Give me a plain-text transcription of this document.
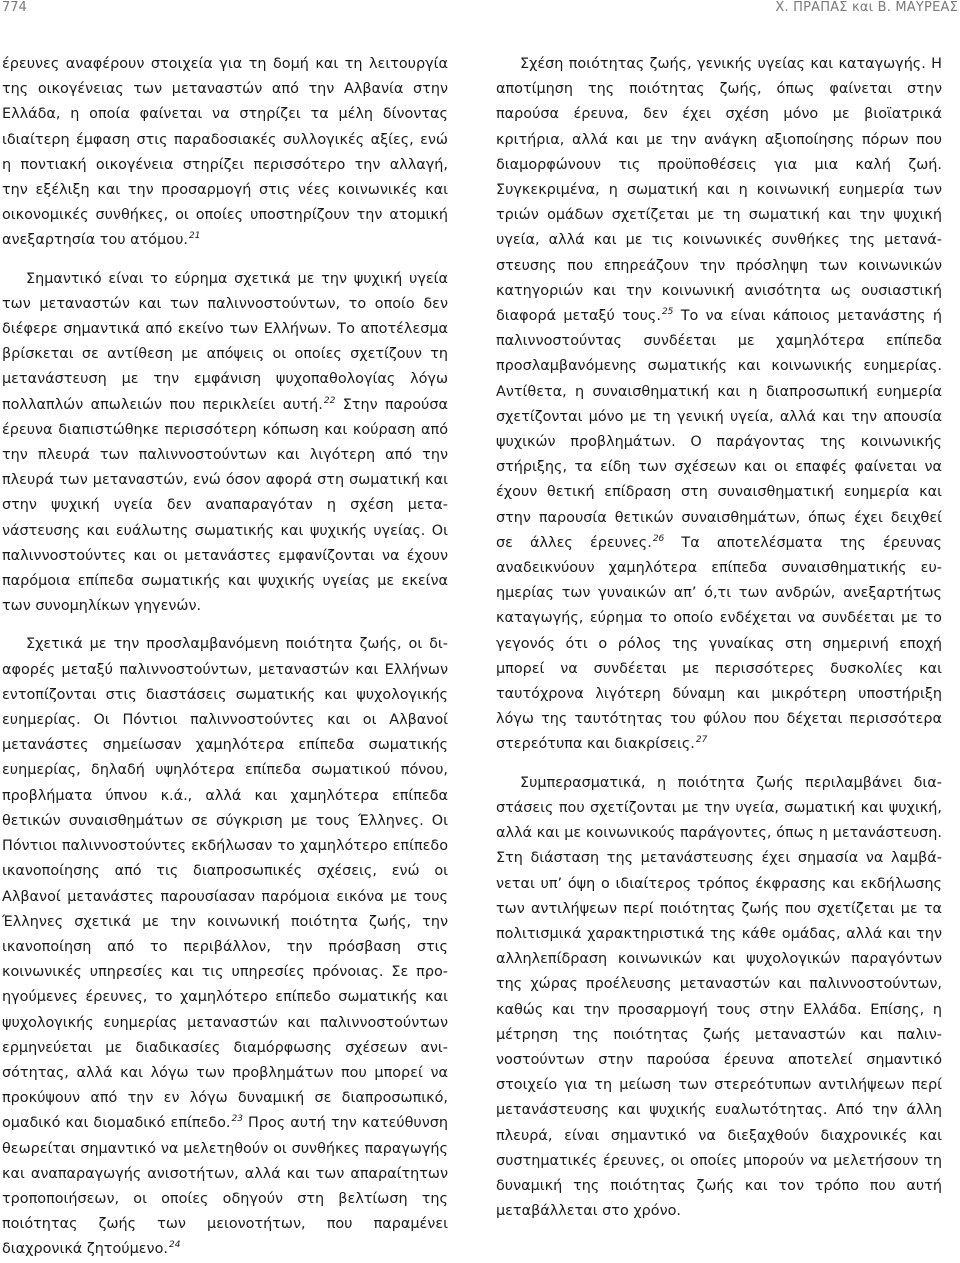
774	Χ. ΠΡΑΠΑΣ και Β. ΜΑΥΡΕΑΣ

έρευνες αναφέρουν στοιχεία για τη δομή και τη λειτουργία της οικογένειας των μεταναστών από την Αλβανία στην Ελλάδα, η οποία φαίνεται να στηρίζει τα μέλη δίνοντας ιδιαίτερη έμφαση στις παραδοσιακές συλλογικές αξίες, ενώ η ποντιακή οικογένεια στηρίζει περισσότερο την αλλαγή, την εξέλιξη και την προσαρμογή στις νέες κοινωνικές και οικονομικές συνθήκες, οι οποίες υποστηρίζουν την ατομική ανεξαρτησία του ατόμου.$^{21}$

Σημαντικό είναι το εύρημα σχετικά με την ψυχική υγεία των μεταναστών και των παλιννοστούντων, το οποίο δεν διέφερε σημαντικά από εκείνο των Ελλήνων. Το αποτέλεσμα βρίσκεται σε αντίθεση με απόψεις οι οποίες σχετίζουν τη μετανάστευση με την εμφάνιση ψυχοπαθολογίας λόγω πολλαπλών απωλειών που περικλείει αυτή.$^{22}$ Στην παρούσα έρευνα διαπιστώθηκε περισσότερη κόπωση και κούραση από την πλευρά των παλιννοστούντων και λιγότερη από την πλευρά των μεταναστών, ενώ όσον αφορά στη σωματική και στην ψυχική υγεία δεν αναπαραγόταν η σχέση μετανάστευσης και ευάλωτης σωματικής και ψυχικής υγείας. Οι παλιννοστούντες και οι μετανάστες εμφανίζονται να έχουν παρόμοια επίπεδα σωματικής και ψυχικής υγείας με εκείνα των συνομηλίκων γηγενών.

Σχετικά με την προσλαμβανόμενη ποιότητα ζωής, οι διαφορές μεταξύ παλιννοστούντων, μεταναστών και Ελλήνων εντοπίζονται στις διαστάσεις σωματικής και ψυχολογικής ευημερίας. Οι Πόντιοι παλιννοστούντες και οι Αλβανοί μετανάστες σημείωσαν χαμηλότερα επίπεδα σωματικής ευημερίας, δηλαδή υψηλότερα επίπεδα σωματικού πόνου, προβλήματα ύπνου κ.ά., αλλά και χαμηλότερα επίπεδα θετικών συναισθημάτων σε σύγκριση με τους Έλληνες. Οι Πόντιοι παλιννοστούντες εκδήλωσαν το χαμηλότερο επίπεδο ικανοποίησης από τις διαπροσωπικές σχέσεις, ενώ οι Αλβανοί μετανάστες παρουσίασαν παρόμοια εικόνα με τους Έλληνες σχετικά με την κοινωνική ποιότητα ζωής, την ικανοποίηση από το περιβάλλον, την πρόσβαση στις κοινωνικές υπηρεσίες και τις υπηρεσίες πρόνοιας. Σε προηγούμενες έρευνες, το χαμηλότερο επίπεδο σωματικής και ψυχολογικής ευημερίας μεταναστών και παλιννοστούντων ερμηνεύεται με διαδικασίες διαμόρφωσης σχέσεων ανισότητας, αλλά και λόγω των προβλημάτων που μπορεί να προκύψουν από την εν λόγω δυναμική σε διαπροσωπικό, ομαδικό και διομαδικό επίπεδο.$^{23}$ Προς αυτή την κατεύθυνση θεωρείται σημαντικό να μελετηθούν οι συνθήκες παραγωγής και αναπαραγωγής ανισοτήτων, αλλά και των απαραίτητων τροποποιήσεων, οι οποίες οδηγούν στη βελτίωση της ποιότητας ζωής των μειονοτήτων, που παραμένει διαχρονικά ζητούμενο.$^{24}$

Σχέση ποιότητας ζωής, γενικής υγείας και καταγωγής. Η αποτίμηση της ποιότητας ζωής, όπως φαίνεται στην παρούσα έρευνα, δεν έχει σχέση μόνο με βιοϊατρικά κριτήρια, αλλά και με την ανάγκη αξιοποίησης πόρων που διαμορφώνουν τις προϋποθέσεις για μια καλή ζωή. Συγκεκριμένα, η σωματική και η κοινωνική ευημερία των τριών ομάδων σχετίζεται με τη σωματική και την ψυχική υγεία, αλλά και με τις κοινωνικές συνθήκες της μετανάστευσης που επηρεάζουν την πρόσληψη των κοινωνικών κατηγοριών και την κοινωνική ανισότητα ως ουσιαστική διαφορά μεταξύ τους.$^{25}$ Το να είναι κάποιος μετανάστης ή παλιννοστούντας συνδέεται με χαμηλότερα επίπεδα προσλαμβανόμενης σωματικής και κοινωνικής ευημερίας. Αντίθετα, η συναισθηματική και η διαπροσωπική ευημερία σχετίζονται μόνο με τη γενική υγεία, αλλά και την απουσία ψυχικών προβλημάτων. Ο παράγοντας της κοινωνικής στήριξης, τα είδη των σχέσεων και οι επαφές φαίνεται να έχουν θετική επίδραση στη συναισθηματική ευημερία και στην παρουσία θετικών συναισθημάτων, όπως έχει δειχθεί σε άλλες έρευνες.$^{26}$ Τα αποτελέσματα της έρευνας αναδεικνύουν χαμηλότερα επίπεδα συναισθηματικής ευημερίας των γυναικών απ’ ό,τι των ανδρών, ανεξαρτήτως καταγωγής, εύρημα το οποίο ενδέχεται να συνδέεται με το γεγονός ότι ο ρόλος της γυναίκας στη σημερινή εποχή μπορεί να συνδέεται με περισσότερες δυσκολίες και ταυτόχρονα λιγότερη δύναμη και μικρότερη υποστήριξη λόγω της ταυτότητας του φύλου που δέχεται περισσότερα στερεότυπα και διακρίσεις.$^{27}$

Συμπερασματικά, η ποιότητα ζωής περιλαμβάνει διαστάσεις που σχετίζονται με την υγεία, σωματική και ψυχική, αλλά και με κοινωνικούς παράγοντες, όπως η μετανάστευση. Στη διάσταση της μετανάστευσης έχει σημασία να λαμβάνεται υπ’ όψη ο ιδιαίτερος τρόπος έκφρασης και εκδήλωσης των αντιλήψεων περί ποιότητας ζωής που σχετίζεται με τα πολιτισμικά χαρακτηριστικά της κάθε ομάδας, αλλά και την αλληλεπίδραση κοινωνικών και ψυχολογικών παραγόντων της χώρας προέλευσης μεταναστών και παλιννοστούντων, καθώς και την προσαρμογή τους στην Ελλάδα. Επίσης, η μέτρηση της ποιότητας ζωής μεταναστών και παλιννοστούντων στην παρούσα έρευνα αποτελεί σημαντικό στοιχείο για τη μείωση των στερεότυπων αντιλήψεων περί μετανάστευσης και ψυχικής ευαλωτότητας. Από την άλλη πλευρά, είναι σημαντικό να διεξαχθούν διαχρονικές και συστηματικές έρευνες, οι οποίες μπορούν να μελετήσουν τη δυναμική της ποιότητας ζωής και τον τρόπο που αυτή μεταβάλλεται στο χρόνο.
